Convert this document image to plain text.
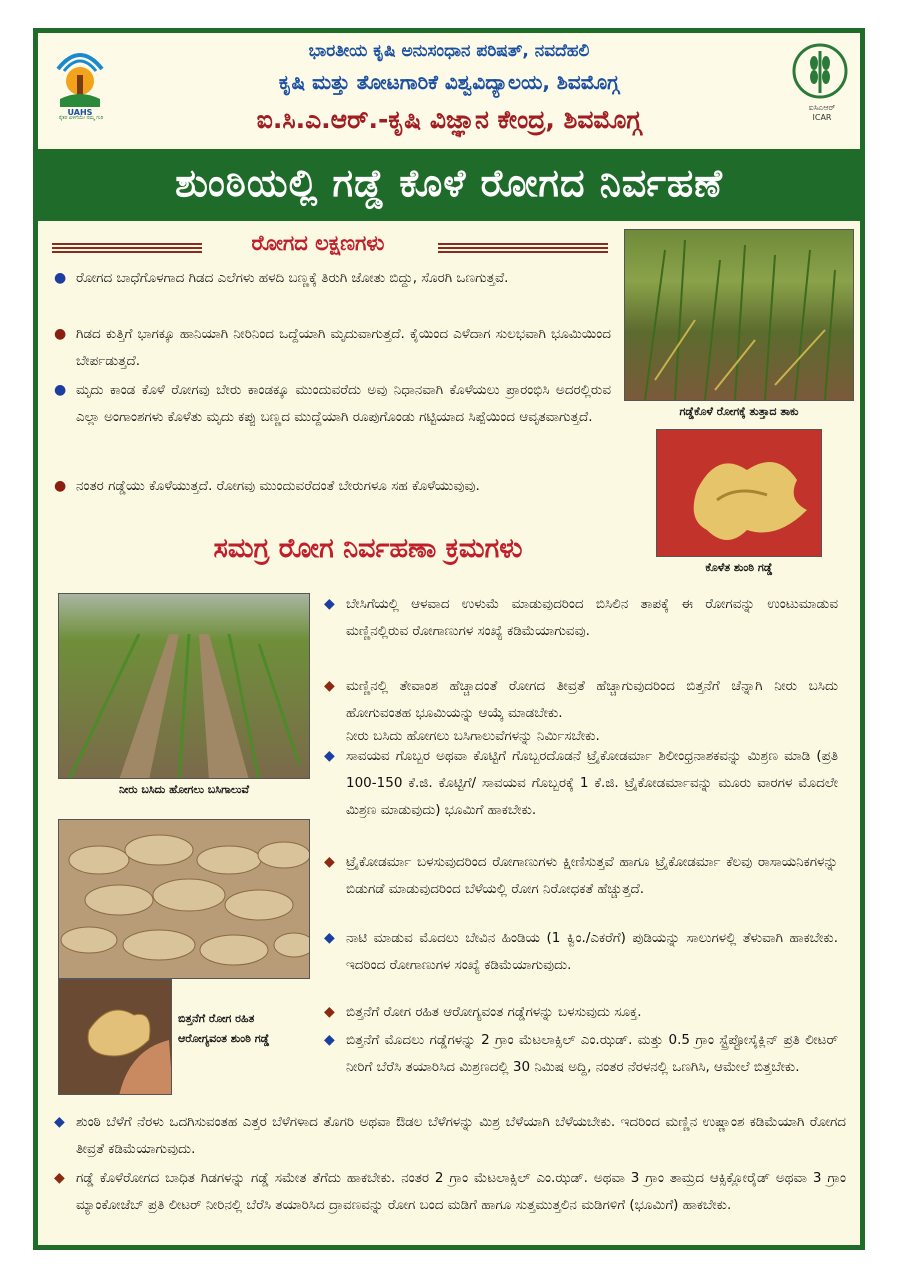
UAHS
ರೈತರ ಏಳಿಗೆಯೇ ನಮ್ಮ ಗುರಿ
ಭಾರತೀಯ ಕೃಷಿ ಅನುಸಂಧಾನ ಪರಿಷತ್, ನವದೆಹಲಿ
ಕೃಷಿ ಮತ್ತು ತೋಟಗಾರಿಕೆ ವಿಶ್ವವಿದ್ಯಾಲಯ, ಶಿವಮೊಗ್ಗ
ಐ.ಸಿ.ಎ.ಆರ್.-ಕೃಷಿ ವಿಜ್ಞಾನ ಕೇಂದ್ರ, ಶಿವಮೊಗ್ಗ	ಐಸಿಎಆರ್
ICAR
ಶುಂಠಿಯಲ್ಲಿ ಗಡ್ಡೆ ಕೊಳೆ ರೋಗದ ನಿರ್ವಹಣೆ
ರೋಗದ ಲಕ್ಷಣಗಳು
● ರೋಗದ ಬಾಧೆಗೊಳಗಾದ ಗಿಡದ ಎಲೆಗಳು ಹಳದಿ ಬಣ್ಣಕ್ಕೆ ತಿರುಗಿ ಜೋತು ಬಿದ್ದು, ಸೊರಗಿ ಒಣಗುತ್ತವೆ.
● ಗಿಡದ ಕುತ್ತಿಗೆ ಭಾಗಕ್ಕೂ ಹಾನಿಯಾಗಿ ನೀರಿನಿಂದ ಒದ್ದೆಯಾಗಿ ಮೃದುವಾಗುತ್ತದೆ. ಕೈಯಿಂದ ಎಳೆದಾಗ ಸುಲಭವಾಗಿ ಭೂಮಿಯಿಂದ ಬೇರ್ಪಡುತ್ತದೆ.
● ಮೃದು ಕಾಂಡ ಕೊಳೆ ರೋಗವು ಬೇರು ಕಾಂಡಕ್ಕೂ ಮುಂದುವರೆದು ಅವು ನಿಧಾನವಾಗಿ ಕೊಳೆಯಲು ಪ್ರಾರಂಭಿಸಿ ಅದರಲ್ಲಿರುವ ಎಲ್ಲಾ ಅಂಗಾಂಶಗಳು ಕೊಳೆತು ಮೃದು ಕಪ್ಪು ಬಣ್ಣದ ಮುದ್ದೆಯಾಗಿ ರೂಪುಗೊಂಡು ಗಟ್ಟಿಯಾದ ಸಿಪ್ಪೆಯಿಂದ ಆವೃತವಾಗುತ್ತದೆ.
● ನಂತರ ಗಡ್ಡೆಯು ಕೊಳೆಯುತ್ತದೆ. ರೋಗವು ಮುಂದುವರೆದಂತೆ ಬೇರುಗಳೂ ಸಹ ಕೊಳೆಯುವುವು.
ಗಡ್ಡೆಕೊಳೆ ರೋಗಕ್ಕೆ ತುತ್ತಾದ ತಾಕು
ಕೊಳೆತ ಶುಂಠಿ ಗಡ್ಡೆ
ಸಮಗ್ರ ರೋಗ ನಿರ್ವಹಣಾ ಕ್ರಮಗಳು
ನೀರು ಬಸಿದು ಹೋಗಲು ಬಸಿಗಾಲುವೆ
ಬಿತ್ತನೆಗೆ ರೋಗ ರಹಿತ ಆರೋಗ್ಯವಂತ ಶುಂಠಿ ಗಡ್ಡೆ
◆ ಬೇಸಿಗೆಯಲ್ಲಿ ಆಳವಾದ ಉಳುಮೆ ಮಾಡುವುದರಿಂದ ಬಿಸಿಲಿನ ತಾಪಕ್ಕೆ ಈ ರೋಗವನ್ನು ಉಂಟುಮಾಡುವ ಮಣ್ಣಿನಲ್ಲಿರುವ ರೋಗಾಣುಗಳ ಸಂಖ್ಯೆ ಕಡಿಮೆಯಾಗುವವು.
◆ ಮಣ್ಣಿನಲ್ಲಿ ತೇವಾಂಶ ಹೆಚ್ಚಾದಂತೆ ರೋಗದ ತೀವ್ರತೆ ಹೆಚ್ಚಾಗುವುದರಿಂದ ಬಿತ್ತನೆಗೆ ಚೆನ್ನಾಗಿ ನೀರು ಬಸಿದು ಹೋಗುವಂತಹ ಭೂಮಿಯನ್ನು ಆಯ್ಕೆ ಮಾಡಬೇಕು.
ನೀರು ಬಸಿದು ಹೋಗಲು ಬಸಿಗಾಲುವೆಗಳನ್ನು ನಿರ್ಮಿಸಬೇಕು.
◆ ಸಾವಯವ ಗೊಬ್ಬರ ಅಥವಾ ಕೊಟ್ಟಿಗೆ ಗೊಬ್ಬರದೊಡನೆ ಟ್ರೈಕೋಡರ್ಮಾ ಶಿಲೀಂಧ್ರನಾಶಕವನ್ನು ಮಿಶ್ರಣ ಮಾಡಿ (ಪ್ರತಿ 100-150 ಕೆ.ಜಿ. ಕೊಟ್ಟಿಗೆ/ ಸಾವಯವ ಗೊಬ್ಬರಕ್ಕೆ 1 ಕೆ.ಜಿ. ಟ್ರೈಕೋಡರ್ಮಾವನ್ನು ಮೂರು ವಾರಗಳ ಮೊದಲೇ ಮಿಶ್ರಣ ಮಾಡುವುದು) ಭೂಮಿಗೆ ಹಾಕಬೇಕು.
◆ ಟ್ರೈಕೋಡರ್ಮಾ ಬಳಸುವುದರಿಂದ ರೋಗಾಣುಗಳು ಕ್ಷೀಣಿಸುತ್ತವೆ ಹಾಗೂ ಟ್ರೈಕೋಡರ್ಮಾ ಕೆಲವು ರಾಸಾಯನಿಕಗಳನ್ನು ಬಿಡುಗಡೆ ಮಾಡುವುದರಿಂದ ಬೆಳೆಯಲ್ಲಿ ರೋಗ ನಿರೋಧಕತೆ ಹೆಚ್ಚುತ್ತದೆ.
◆ ನಾಟಿ ಮಾಡುವ ಮೊದಲು ಬೇವಿನ ಹಿಂಡಿಯ (1 ಕ್ವಿಂ./ಎಕರೆಗೆ) ಪುಡಿಯನ್ನು ಸಾಲುಗಳಲ್ಲಿ ತೆಳುವಾಗಿ ಹಾಕಬೇಕು. ಇದರಿಂದ ರೋಗಾಣುಗಳ ಸಂಖ್ಯೆ ಕಡಿಮೆಯಾಗುವುದು.
◆ ಬಿತ್ತನೆಗೆ ರೋಗ ರಹಿತ ಆರೋಗ್ಯವಂತ ಗಡ್ಡೆಗಳನ್ನು ಬಳಸುವುದು ಸೂಕ್ತ.
◆ ಬಿತ್ತನೆಗೆ ಮೊದಲು ಗಡ್ಡೆಗಳನ್ನು 2 ಗ್ರಾಂ ಮೆಟಲಾಕ್ಸಿಲ್ ಎಂ.ಝಡ್. ಮತ್ತು 0.5 ಗ್ರಾಂ ಸ್ಟ್ರೆಪ್ಟೋಸೈಕ್ಲಿನ್ ಪ್ರತಿ ಲೀಟರ್ ನೀರಿಗೆ ಬೆರೆಸಿ ತಯಾರಿಸಿದ ಮಿಶ್ರಣದಲ್ಲಿ 30 ನಿಮಿಷ ಅದ್ದಿ, ನಂತರ ನೆರಳನಲ್ಲಿ ಒಣಗಿಸಿ, ಆಮೇಲೆ ಬಿತ್ತಬೇಕು.
◆ ಶುಂಠಿ ಬೆಳೆಗೆ ನೆರಳು ಒದಗಿಸುವಂತಹ ಎತ್ತರ ಬೆಳೆಗಳಾದ ತೊಗರಿ ಅಥವಾ ಔಡಲ ಬೆಳೆಗಳನ್ನು ಮಿಶ್ರ ಬೆಳೆಯಾಗಿ ಬೆಳೆಯಬೇಕು. ಇದರಿಂದ ಮಣ್ಣಿನ ಉಷ್ಣಾಂಶ ಕಡಿಮೆಯಾಗಿ ರೋಗದ ತೀವ್ರತೆ ಕಡಿಮೆಯಾಗುವುದು.
◆ ಗಡ್ಡೆ ಕೊಳೆರೋಗದ ಬಾಧಿತ ಗಿಡಗಳನ್ನು ಗಡ್ಡೆ ಸಮೇತ ತೆಗೆದು ಹಾಕಬೇಕು. ನಂತರ 2 ಗ್ರಾಂ ಮೆಟಲಾಕ್ಸಿಲ್ ಎಂ.ಝಡ್. ಅಥವಾ 3 ಗ್ರಾಂ ತಾಮ್ರದ ಆಕ್ಸಿಕ್ಲೋರೈಡ್ ಅಥವಾ 3 ಗ್ರಾಂ ಮ್ಯಾಂಕೋಜೆಬ್ ಪ್ರತಿ ಲೀಟರ್ ನೀರಿನಲ್ಲಿ ಬೆರೆಸಿ ತಯಾರಿಸಿದ ದ್ರಾವಣವನ್ನು ರೋಗ ಬಂದ ಮಡಿಗೆ ಹಾಗೂ ಸುತ್ತಮುತ್ತಲಿನ ಮಡಿಗಳಿಗೆ (ಭೂಮಿಗೆ) ಹಾಕಬೇಕು.
